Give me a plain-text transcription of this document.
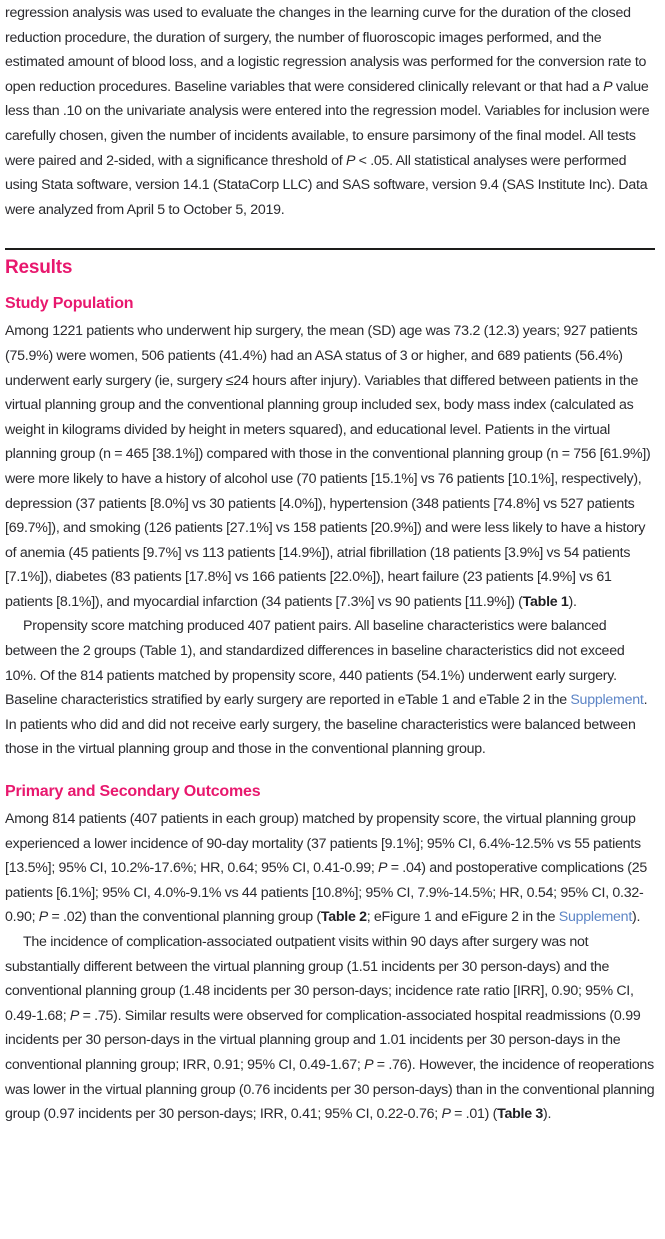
regression analysis was used to evaluate the changes in the learning curve for the duration of the closed reduction procedure, the duration of surgery, the number of fluoroscopic images performed, and the estimated amount of blood loss, and a logistic regression analysis was performed for the conversion rate to open reduction procedures. Baseline variables that were considered clinically relevant or that had a P value less than .10 on the univariate analysis were entered into the regression model. Variables for inclusion were carefully chosen, given the number of incidents available, to ensure parsimony of the final model. All tests were paired and 2-sided, with a significance threshold of P < .05. All statistical analyses were performed using Stata software, version 14.1 (StataCorp LLC) and SAS software, version 9.4 (SAS Institute Inc). Data were analyzed from April 5 to October 5, 2019.

Results
Study Population

Among 1221 patients who underwent hip surgery, the mean (SD) age was 73.2 (12.3) years; 927 patients (75.9%) were women, 506 patients (41.4%) had an ASA status of 3 or higher, and 689 patients (56.4%) underwent early surgery (ie, surgery ≤24 hours after injury). Variables that differed between patients in the virtual planning group and the conventional planning group included sex, body mass index (calculated as weight in kilograms divided by height in meters squared), and educational level. Patients in the virtual planning group (n = 465 [38.1%]) compared with those in the conventional planning group (n = 756 [61.9%]) were more likely to have a history of alcohol use (70 patients [15.1%] vs 76 patients [10.1%], respectively), depression (37 patients [8.0%] vs 30 patients [4.0%]), hypertension (348 patients [74.8%] vs 527 patients [69.7%]), and smoking (126 patients [27.1%] vs 158 patients [20.9%]) and were less likely to have a history of anemia (45 patients [9.7%] vs 113 patients [14.9%]), atrial fibrillation (18 patients [3.9%] vs 54 patients [7.1%]), diabetes (83 patients [17.8%] vs 166 patients [22.0%]), heart failure (23 patients [4.9%] vs 61 patients [8.1%]), and myocardial infarction (34 patients [7.3%] vs 90 patients [11.9%]) (Table 1).

Propensity score matching produced 407 patient pairs. All baseline characteristics were balanced between the 2 groups (Table 1), and standardized differences in baseline characteristics did not exceed 10%. Of the 814 patients matched by propensity score, 440 patients (54.1%) underwent early surgery. Baseline characteristics stratified by early surgery are reported in eTable 1 and eTable 2 in the Supplement. In patients who did and did not receive early surgery, the baseline characteristics were balanced between those in the virtual planning group and those in the conventional planning group.

Primary and Secondary Outcomes

Among 814 patients (407 patients in each group) matched by propensity score, the virtual planning group experienced a lower incidence of 90-day mortality (37 patients [9.1%]; 95% CI, 6.4%-12.5% vs 55 patients [13.5%]; 95% CI, 10.2%-17.6%; HR, 0.64; 95% CI, 0.41-0.99; P = .04) and postoperative complications (25 patients [6.1%]; 95% CI, 4.0%-9.1% vs 44 patients [10.8%]; 95% CI, 7.9%-14.5%; HR, 0.54; 95% CI, 0.32-0.90; P = .02) than the conventional planning group (Table 2; eFigure 1 and eFigure 2 in the Supplement).

The incidence of complication-associated outpatient visits within 90 days after surgery was not substantially different between the virtual planning group (1.51 incidents per 30 person-days) and the conventional planning group (1.48 incidents per 30 person-days; incidence rate ratio [IRR], 0.90; 95% CI, 0.49-1.68; P = .75). Similar results were observed for complication-associated hospital readmissions (0.99 incidents per 30 person-days in the virtual planning group and 1.01 incidents per 30 person-days in the conventional planning group; IRR, 0.91; 95% CI, 0.49-1.67; P = .76). However, the incidence of reoperations was lower in the virtual planning group (0.76 incidents per 30 person-days) than in the conventional planning group (0.97 incidents per 30 person-days; IRR, 0.41; 95% CI, 0.22-0.76; P = .01) (Table 3).
